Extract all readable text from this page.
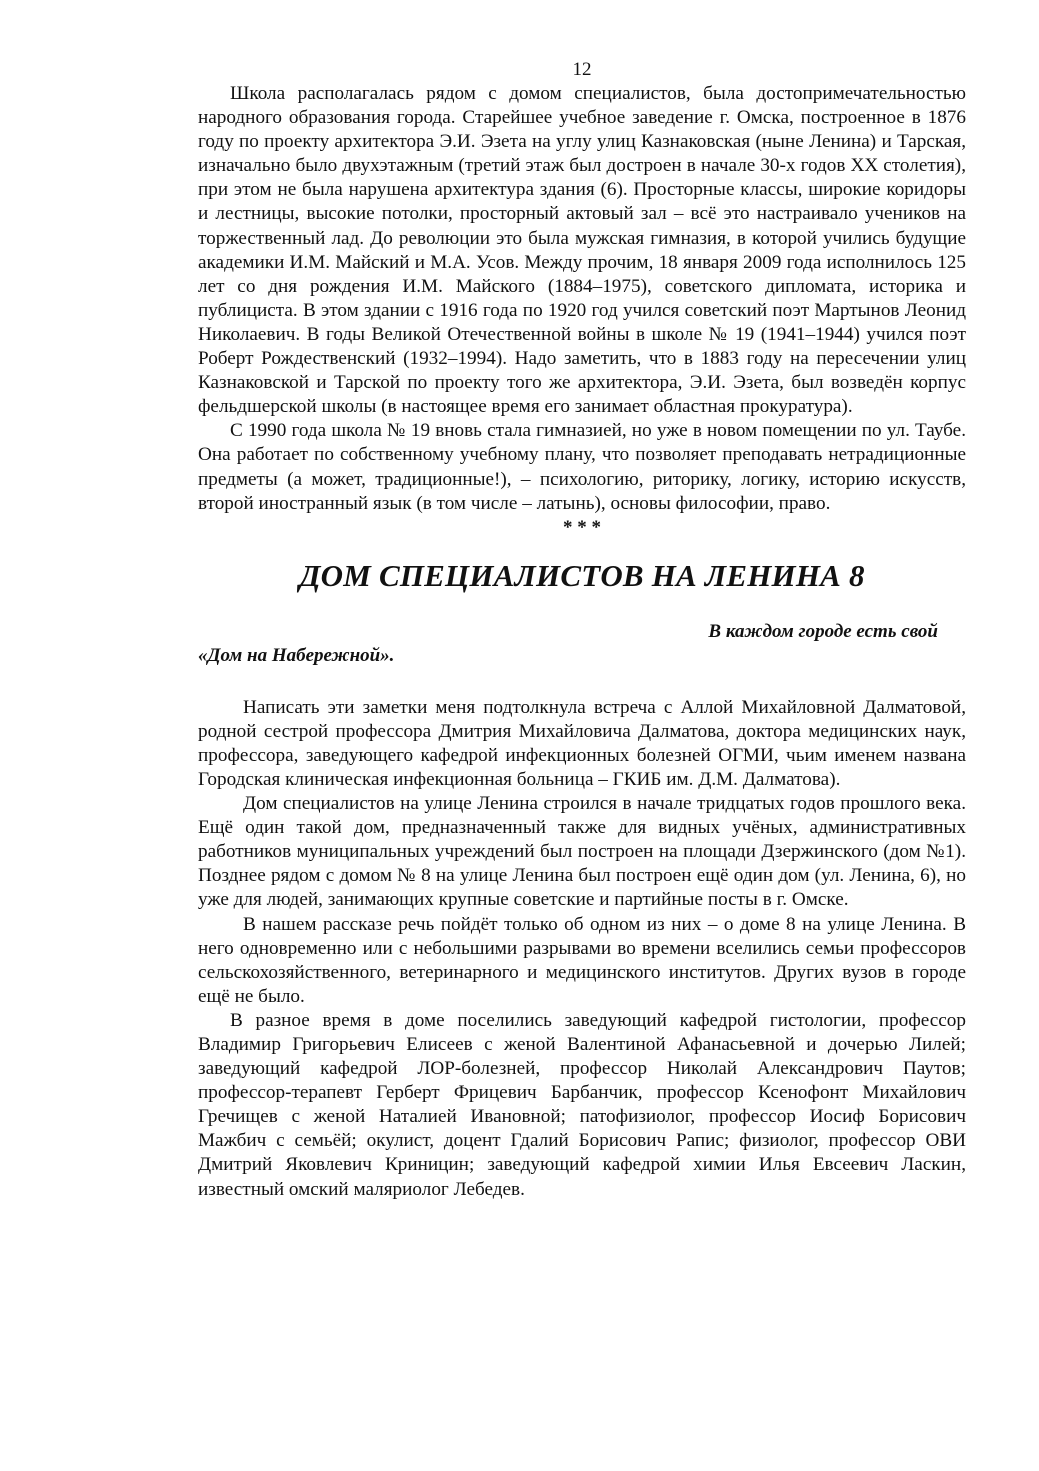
12

Школа располагалась рядом с домом специалистов, была достопримечательностью народного образования города. Старейшее учебное заведение г. Омска, построенное в 1876 году по проекту архитектора Э.И. Эзета на углу улиц Казнаковская (ныне Ленина) и Тарская, изначально было двухэтажным (третий этаж был достроен в начале 30-х годов ХХ столетия), при этом не была нарушена архитектура здания (6). Просторные классы, широкие коридоры и лестницы, высокие потолки, просторный актовый зал – всё это настраивало учеников на торжественный лад. До революции это была мужская гимназия, в которой учились будущие академики И.М. Майский и М.А. Усов. Между прочим, 18 января 2009 года исполнилось 125 лет со дня рождения И.М. Майского (1884–1975), советского дипломата, историка и публициста. В этом здании с 1916 года по 1920 год учился советский поэт Мартынов Леонид Николаевич. В годы Великой Отечественной войны в школе № 19 (1941–1944) учился поэт Роберт Рождественский (1932–1994). Надо заметить, что в 1883 году на пересечении улиц Казнаковской и Тарской по проекту того же архитектора, Э.И. Эзета, был возведён корпус фельдшерской школы (в настоящее время его занимает областная прокуратура).

С 1990 года школа № 19 вновь стала гимназией, но уже в новом помещении по ул. Таубе. Она работает по собственному учебному плану, что позволяет преподавать нетрадиционные предметы (а может, традиционные!), – психологию, риторику, логику, историю искусств, второй иностранный язык (в том числе – латынь), основы философии, право.

* * *
ДОМ СПЕЦИАЛИСТОВ НА ЛЕНИНА 8
В каждом городе есть свой
«Дом на Набережной».

Написать эти заметки меня подтолкнула встреча с Аллой Михайловной Далматовой, родной сестрой профессора Дмитрия Михайловича Далматова, доктора медицинских наук, профессора, заведующего кафедрой инфекционных болезней ОГМИ, чьим именем названа Городская клиническая инфекционная больница – ГКИБ им. Д.М. Далматова).

Дом специалистов на улице Ленина строился в начале тридцатых годов прошлого века. Ещё один такой дом, предназначенный также для видных учёных, административных работников муниципальных учреждений был построен на площади Дзержинского (дом №1). Позднее рядом с домом № 8 на улице Ленина был построен ещё один дом (ул. Ленина, 6), но уже для людей, занимающих крупные советские и партийные посты в г. Омске.

В нашем рассказе речь пойдёт только об одном из них – о доме 8 на улице Ленина. В него одновременно или с небольшими разрывами во времени вселились семьи профессоров сельскохозяйственного, ветеринарного и медицинского институтов. Других вузов в городе ещё не было.

В разное время в доме поселились заведующий кафедрой гистологии, профессор Владимир Григорьевич Елисеев с женой Валентиной Афанасьевной и дочерью Лилей; заведующий кафедрой ЛОР-болезней, профессор Николай Александрович Паутов; профессор-терапевт Герберт Фрицевич Барбанчик, профессор Ксенофонт Михайлович Гречищев с женой Наталией Ивановной; патофизиолог, профессор Иосиф Борисович Мажбич с семьёй; окулист, доцент Гдалий Борисович Рапис; физиолог, профессор ОВИ Дмитрий Яковлевич Криницин; заведующий кафедрой химии Илья Евсеевич Ласкин, известный омский маляриолог Лебедев.
